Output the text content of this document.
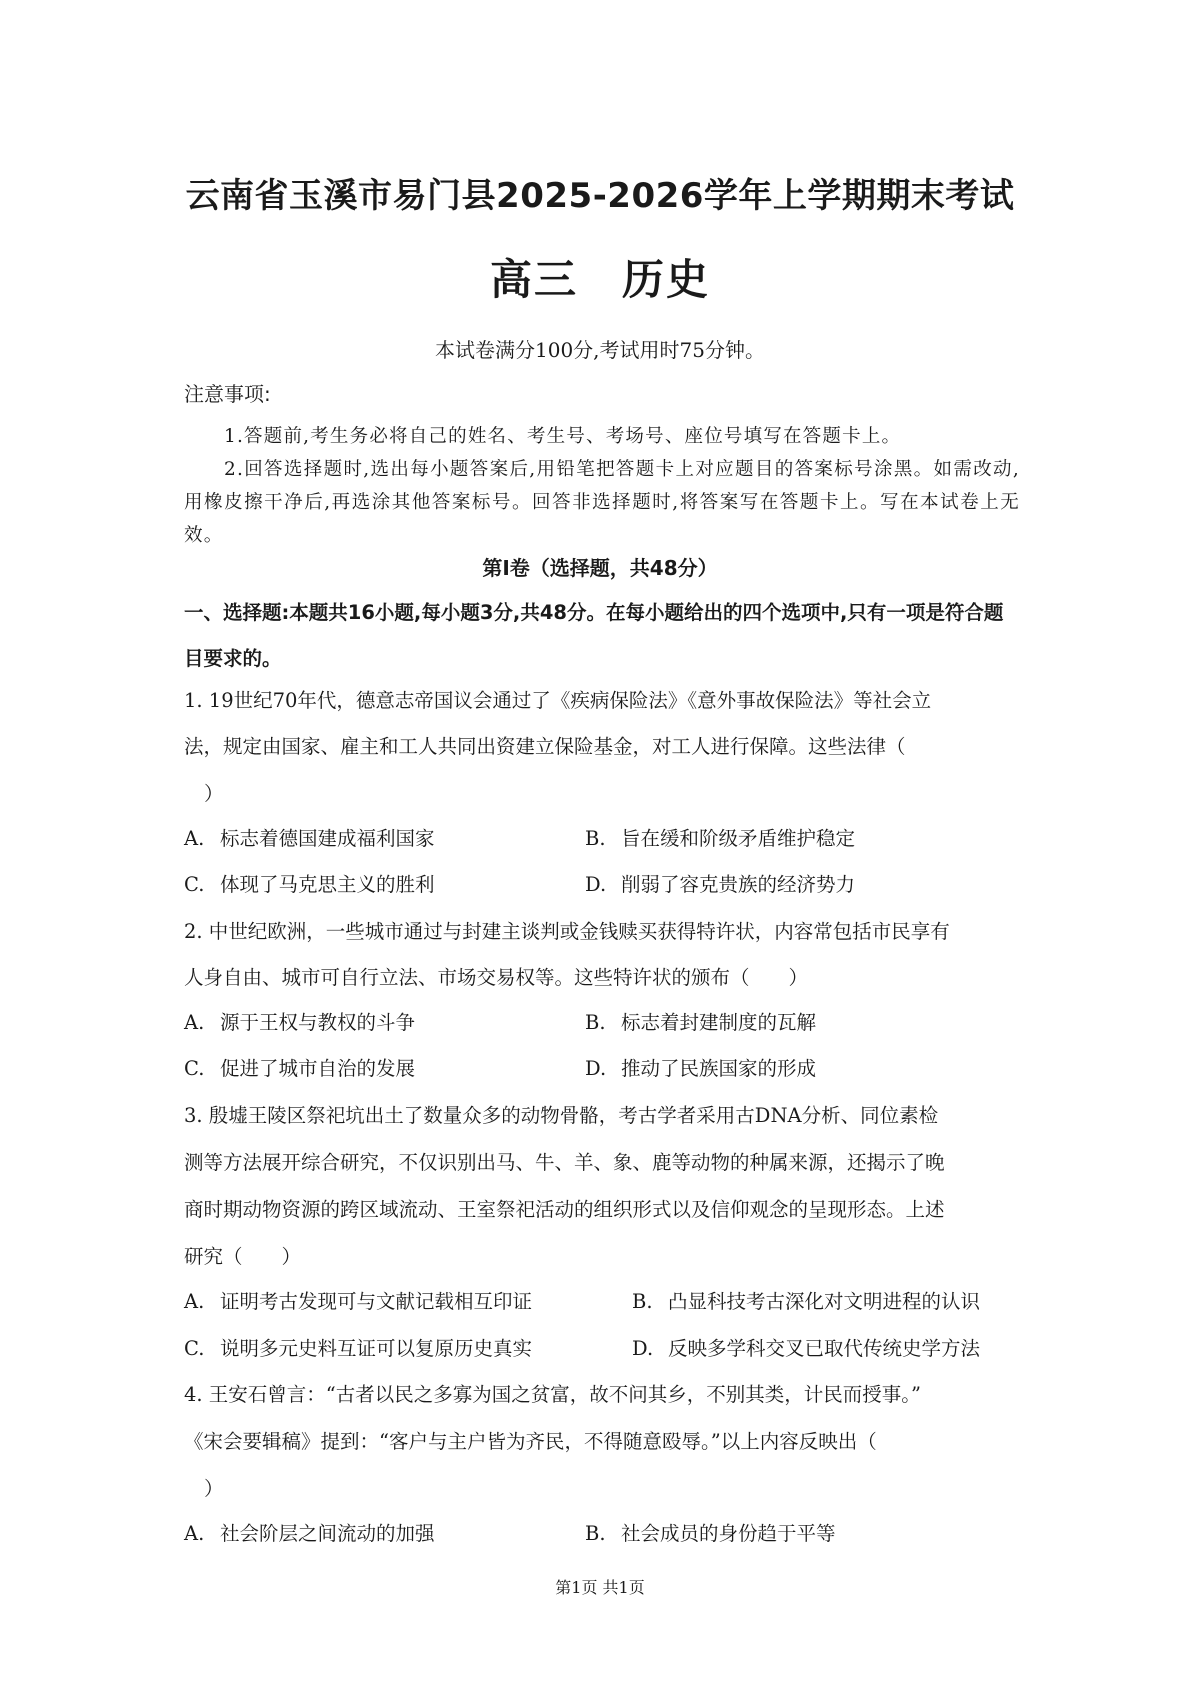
云南省玉溪市易门县2025-2026学年上学期期末考试
高三　历史
本试卷满分100分,考试用时75分钟。
注意事项:

1.答题前,考生务必将自己的姓名、考生号、考场号、座位号填写在答题卡上。

2.回答选择题时,选出每小题答案后,用铅笔把答题卡上对应题目的答案标号涂黑。如需改动,用橡皮擦干净后,再选涂其他答案标号。回答非选择题时,将答案写在答题卡上。写在本试卷上无效。

第I卷（选择题，共48分）
一、选择题:本题共16小题,每小题3分,共48分。在每小题给出的四个选项中,只有一项是符合题目要求的。
1. 19世纪70年代，德意志帝国议会通过了《疾病保险法》《意外事故保险法》等社会立
法，规定由国家、雇主和工人共同出资建立保险基金，对工人进行保障。这些法律（
）
A. 标志着德国建成福利国家	B. 旨在缓和阶级矛盾维护稳定
C. 体现了马克思主义的胜利	D. 削弱了容克贵族的经济势力
2. 中世纪欧洲，一些城市通过与封建主谈判或金钱赎买获得特许状，内容常包括市民享有
人身自由、城市可自行立法、市场交易权等。这些特许状的颁布（　　）
A. 源于王权与教权的斗争	B. 标志着封建制度的瓦解
C. 促进了城市自治的发展	D. 推动了民族国家的形成
3. 殷墟王陵区祭祀坑出土了数量众多的动物骨骼，考古学者采用古DNA分析、同位素检
测等方法展开综合研究，不仅识别出马、牛、羊、象、鹿等动物的种属来源，还揭示了晚
商时期动物资源的跨区域流动、王室祭祀活动的组织形式以及信仰观念的呈现形态。上述
研究（　　）
A. 证明考古发现可与文献记载相互印证	B. 凸显科技考古深化对文明进程的认识
C. 说明多元史料互证可以复原历史真实	D. 反映多学科交叉已取代传统史学方法
4. 王安石曾言：“古者以民之多寡为国之贫富，故不问其乡，不别其类，计民而授事。”
《宋会要辑稿》提到：“客户与主户皆为齐民，不得随意殴辱。”以上内容反映出（
）
A. 社会阶层之间流动的加强	B. 社会成员的身份趋于平等
第1页 共1页
